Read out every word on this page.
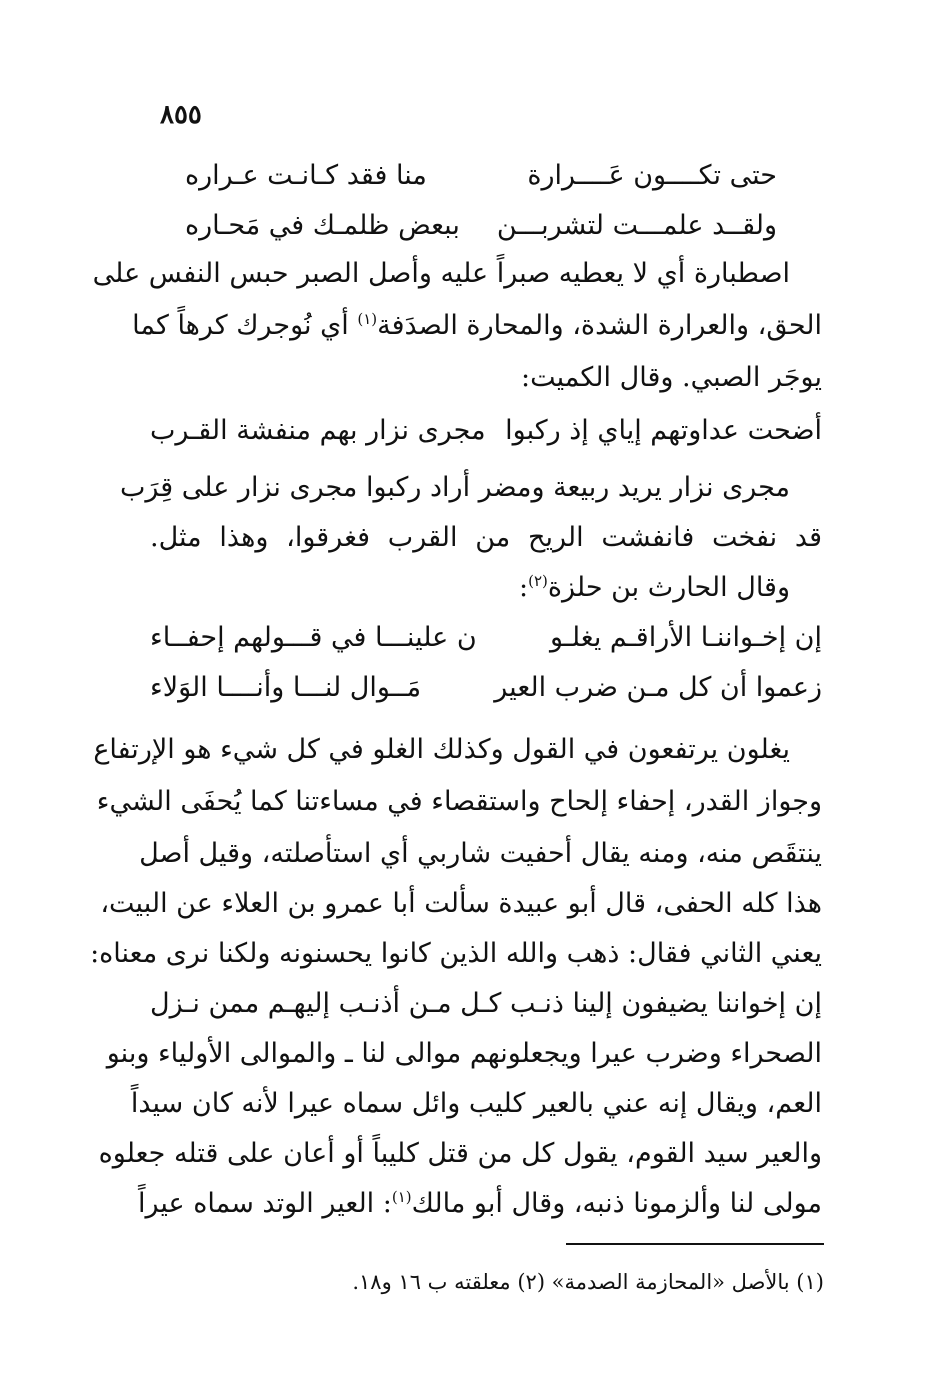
٨٥٥
حتى تكــــون عَــــرارة
منا فقد كـانـت عـراره
ولقــد علمـــت لتشربـــن
ببعض ظلمـك في مَحـاره
اصطبارة أي لا يعطيه صبراً عليه وأصل الصبر حبس النفس على
الحق، والعرارة الشدة، والمحارة الصدَفة$^{(١)}$ أي نُوجرك كرهاً كما
يوجَر الصبي. وقال الكميت:
أضحت عداوتهم إياي إذ ركبوا
مجرى نزار بهم منفشة القـرب
مجرى نزار يريد ربيعة ومضر أراد ركبوا مجرى نزار على قِرَب
قد نفخت فانفشت الريح من القرب فغرقوا، وهذا مثل.
وقال الحارث بن حلزة$^{(٢)}$:
إن إخـواننـا الأراقـم يغلـو
ن علينـــا في قـــولهم إحفــاء
زعموا أن كل مـن ضرب العير
مَــوال لنـــا وأنــــا الوَلاء
يغلون يرتفعون في القول وكذلك الغلو في كل شيء هو الإرتفاع
وجواز القدر، إحفاء إلحاح واستقصاء في مساءتنا كما يُحفَى الشيء
ينتقَص منه، ومنه يقال أحفيت شاربي أي استأصلته، وقيل أصل
هذا كله الحفى، قال أبو عبيدة سألت أبا عمرو بن العلاء عن البيت،
يعني الثاني فقال: ذهب والله الذين كانوا يحسنونه ولكنا نرى معناه:
إن إخواننا يضيفون إلينا ذنـب كـل مـن أذنـب إليهـم ممن نـزل
الصحراء وضرب عيرا ويجعلونهم موالى لنا ـ والموالى الأولياء وبنو
العم، ويقال إنه عني بالعير كليب وائل سماه عيرا لأنه كان سيداً
والعير سيد القوم، يقول كل من قتل كليباً أو أعان على قتله جعلوه
مولى لنا وألزمونا ذنبه، وقال أبو مالك$^{(١)}$: العير الوتد سماه عيراً
(١) بالأصل «المحازمة الصدمة» (٢) معلقته ب ١٦ و١٨.
